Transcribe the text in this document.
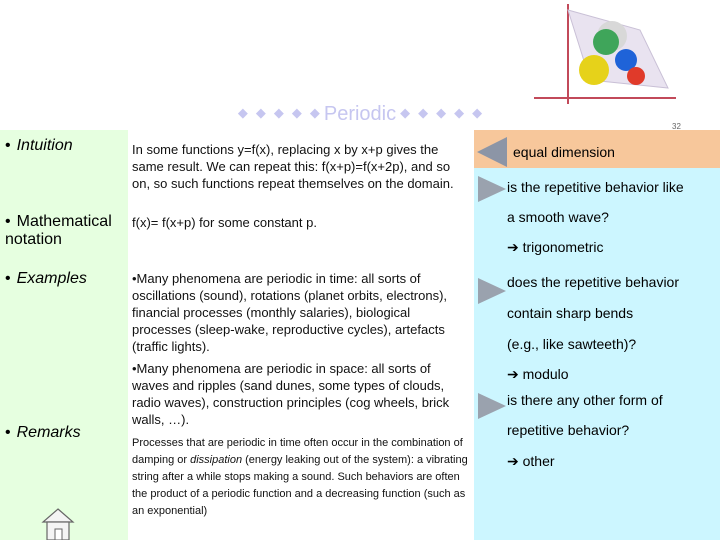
◆ ◆ ◆ ◆ ◆ Periodic ◆ ◆ ◆ ◆ ◆
32
• Intuition
• Mathematical notation
• Examples
• Remarks
In some functions y=f(x), replacing x by x+p gives the same result. We can repeat this: f(x+p)=f(x+2p), and so on, so such functions repeat themselves on the domain.
f(x)= f(x+p) for some constant p.
•Many phenomena are periodic in time: all sorts of oscillations (sound), rotations (planet orbits, electrons), financial processes (monthly salaries), biological processes (sleep-wake, reproductive cycles), artefacts (traffic lights).
•Many phenomena are periodic in space: all sorts of waves and ripples (sand dunes, some types of clouds, radio waves), construction principles (cog wheels, brick walls, …).
Processes that are periodic in time often occur in the combination of damping or dissipation (energy leaking out of the system): a vibrating string after a while stops making a sound. Such behaviors are often the product of a periodic function and a decreasing function (such as an exponential)
equal dimension
is the repetitive behavior like
a smooth wave?
➔ trigonometric
does the repetitive behavior
contain sharp bends
(e.g., like sawteeth)?
➔ modulo
is there any other form of
repetitive behavior?
➔ other
